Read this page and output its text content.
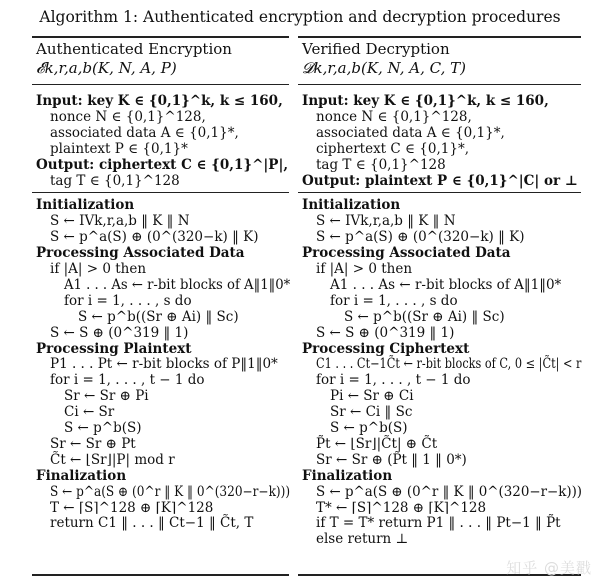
Algorithm 1: Authenticated encryption and decryption procedures
Authenticated Encryption
𝓔k,r,a,b(K, N, A, P)
Input: key K ∈ {0,1}^k, k ≤ 160,
nonce N ∈ {0,1}^128,
associated data A ∈ {0,1}*,
plaintext P ∈ {0,1}*
Output: ciphertext C ∈ {0,1}^|P|,
tag T ∈ {0,1}^128
Initialization
S ← IVk,r,a,b ‖ K ‖ N
S ← p^a(S) ⊕ (0^(320−k) ‖ K)
Processing Associated Data
if |A| > 0 then
A1 . . . As ← r-bit blocks of A‖1‖0*
for i = 1, . . . , s do
S ← p^b((Sr ⊕ Ai) ‖ Sc)
S ← S ⊕ (0^319 ‖ 1)
Processing Plaintext
P1 . . . Pt ← r-bit blocks of P‖1‖0*
for i = 1, . . . , t − 1 do
Sr ← Sr ⊕ Pi
Ci ← Sr
S ← p^b(S)
Sr ← Sr ⊕ Pt
C̃t ← ⌊Sr⌋|P| mod r
Finalization
S ← p^a(S ⊕ (0^r ‖ K ‖ 0^(320−r−k)))
T ← ⌈S⌉^128 ⊕ ⌈K⌉^128
return C1 ‖ . . . ‖ Ct−1 ‖ C̃t, T
Verified Decryption
𝓓k,r,a,b(K, N, A, C, T)
Input: key K ∈ {0,1}^k, k ≤ 160,
nonce N ∈ {0,1}^128,
associated data A ∈ {0,1}*,
ciphertext C ∈ {0,1}*,
tag T ∈ {0,1}^128
Output: plaintext P ∈ {0,1}^|C| or ⊥
Initialization
S ← IVk,r,a,b ‖ K ‖ N
S ← p^a(S) ⊕ (0^(320−k) ‖ K)
Processing Associated Data
if |A| > 0 then
A1 . . . As ← r-bit blocks of A‖1‖0*
for i = 1, . . . , s do
S ← p^b((Sr ⊕ Ai) ‖ Sc)
S ← S ⊕ (0^319 ‖ 1)
Processing Ciphertext
C1 . . . Ct−1C̃t ← r-bit blocks of C, 0 ≤ |C̃t| < r
for i = 1, . . . , t − 1 do
Pi ← Sr ⊕ Ci
Sr ← Ci ‖ Sc
S ← p^b(S)
P̃t ← ⌊Sr⌋|C̃t| ⊕ C̃t
Sr ← Sr ⊕ (P̃t ‖ 1 ‖ 0*)
Finalization
S ← p^a(S ⊕ (0^r ‖ K ‖ 0^(320−r−k)))
T* ← ⌈S⌉^128 ⊕ ⌈K⌉^128
if T = T* return P1 ‖ . . . ‖ Pt−1 ‖ P̃t
else return ⊥
知乎 @美戳
